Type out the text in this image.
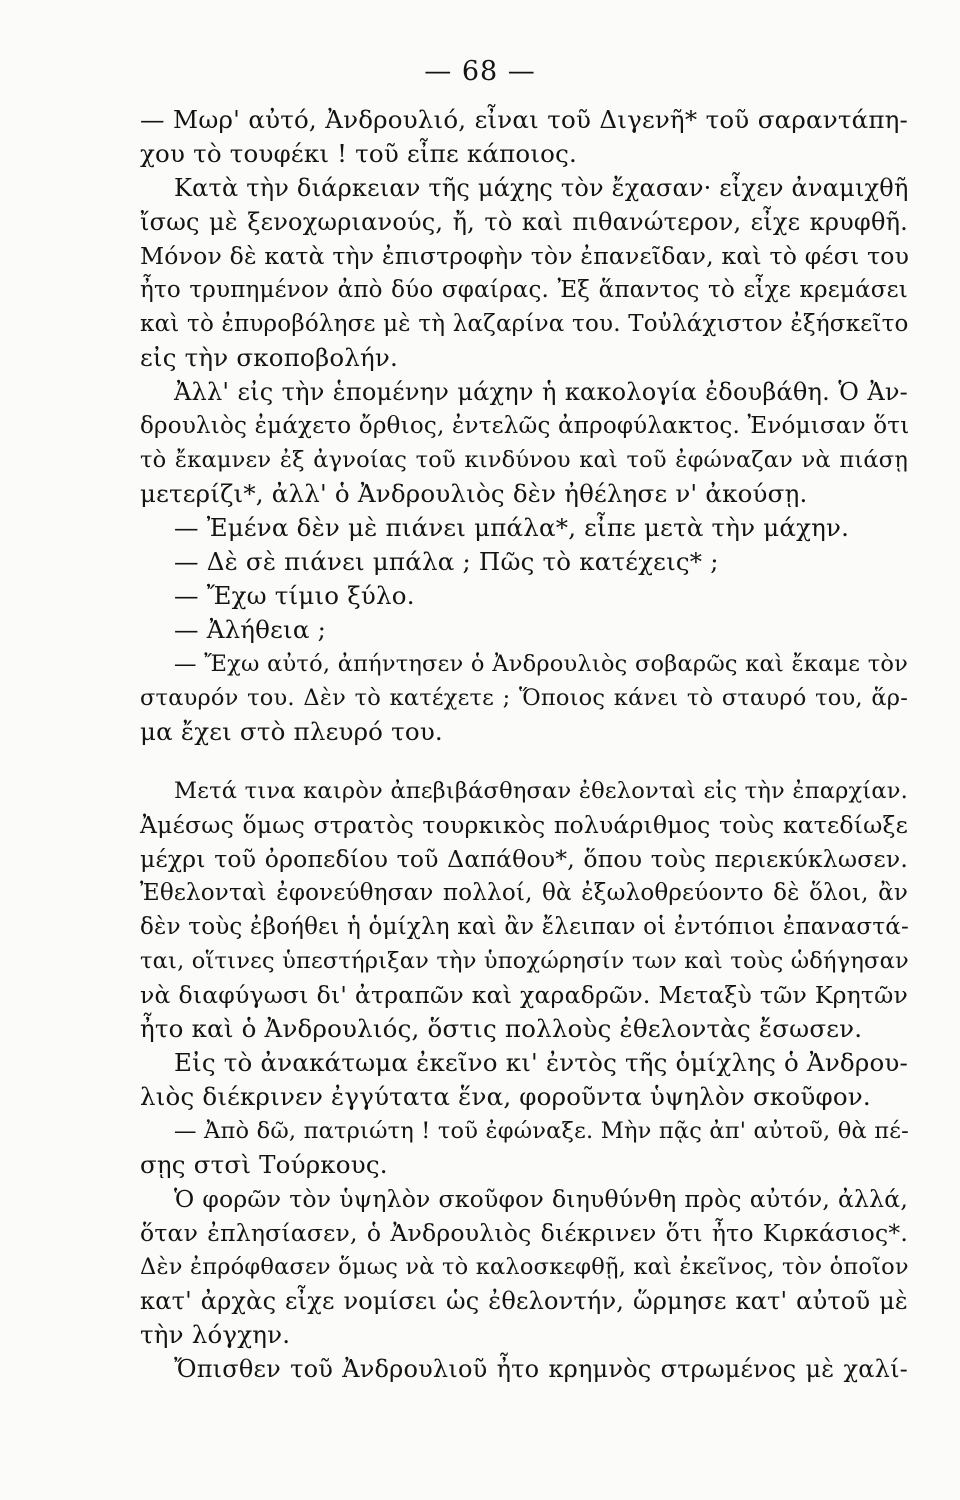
— 68 —
— Μωρ' αὐτό, Ἀνδρουλιό, εἶναι τοῦ Διγενῆ* τοῦ σαραντάπη-
χου τὸ τουφέκι ! τοῦ εἶπε κάποιος.
Κατὰ τὴν διάρκειαν τῆς μάχης τὸν ἔχασαν· εἶχεν ἀναμιχθῆ
ἴσως μὲ ξενοχωριανούς, ἤ, τὸ καὶ πιθανώτερον, εἶχε κρυφθῆ.
Μόνον δὲ κατὰ τὴν ἐπιστροφὴν τὸν ἐπανεῖδαν, καὶ τὸ φέσι του
ἦτο τρυπημένον ἀπὸ δύο σφαίρας. Ἐξ ἅπαντος τὸ εἶχε κρεμάσει
καὶ τὸ ἐπυροβόλησε μὲ τὴ λαζαρίνα του. Τοὐλάχιστον ἐξήσκεῖτο
εἰς τὴν σκοποβολήν.
Ἀλλ' εἰς τὴν ἑπομένην μάχην ἡ κακολογία ἐδουβάθη. Ὁ Ἀν-
δρουλιὸς ἐμάχετο ὄρθιος, ἐντελῶς ἀπροφύλακτος. Ἐνόμισαν ὅτι
τὸ ἔκαμνεν ἐξ ἀγνοίας τοῦ κινδύνου καὶ τοῦ ἐφώναζαν νὰ πιάσῃ
μετερίζι*, ἀλλ' ὁ Ἀνδρουλιὸς δὲν ἠθέλησε ν' ἀκούσῃ.
— Ἐμένα δὲν μὲ πιάνει μπάλα*, εἶπε μετὰ τὴν μάχην.
— Δὲ σὲ πιάνει μπάλα ; Πῶς τὸ κατέχεις* ;
— Ἔχω τίμιο ξύλο.
— Ἀλήθεια ;
— Ἔχω αὐτό, ἀπήντησεν ὁ Ἀνδρουλιὸς σοβαρῶς καὶ ἔκαμε τὸν
σταυρόν του. Δὲν τὸ κατέχετε ; Ὅποιος κάνει τὸ σταυρό του, ἅρ-
μα ἔχει στὸ πλευρό του.
Μετά τινα καιρὸν ἀπεβιβάσθησαν ἐθελονταὶ εἰς τὴν ἐπαρχίαν.
Ἀμέσως ὅμως στρατὸς τουρκικὸς πολυάριθμος τοὺς κατεδίωξε
μέχρι τοῦ ὀροπεδίου τοῦ Δαπάθου*, ὅπου τοὺς περιεκύκλωσεν.
Ἐθελονταὶ ἐφονεύθησαν πολλοί, θὰ ἐξωλοθρεύοντο δὲ ὅλοι, ἂν
δὲν τοὺς ἐβοήθει ἡ ὁμίχλη καὶ ἂν ἔλειπαν οἱ ἐντόπιοι ἐπαναστά-
ται, οἵτινες ὑπεστήριξαν τὴν ὑποχώρησίν των καὶ τοὺς ὡδήγησαν
νὰ διαφύγωσι δι' ἀτραπῶν καὶ χαραδρῶν. Μεταξὺ τῶν Κρητῶν
ἦτο καὶ ὁ Ἀνδρουλιός, ὅστις πολλοὺς ἐθελοντὰς ἔσωσεν.
Εἰς τὸ ἀνακάτωμα ἐκεῖνο κι' ἐντὸς τῆς ὁμίχλης ὁ Ἀνδρου-
λιὸς διέκρινεν ἐγγύτατα ἕνα, φοροῦντα ὑψηλὸν σκοῦφον.
— Ἀπὸ δῶ, πατριώτη ! τοῦ ἐφώναξε. Μὴν πᾷς ἀπ' αὐτοῦ, θὰ πέ-
σῃς στσὶ Τούρκους.
Ὁ φορῶν τὸν ὑψηλὸν σκοῦφον διηυθύνθη πρὸς αὐτόν, ἀλλά,
ὅταν ἐπλησίασεν, ὁ Ἀνδρουλιὸς διέκρινεν ὅτι ἦτο Κιρκάσιος*.
Δὲν ἐπρόφθασεν ὅμως νὰ τὸ καλοσκεφθῇ, καὶ ἐκεῖνος, τὸν ὁποῖον
κατ' ἀρχὰς εἶχε νομίσει ὡς ἐθελοντήν, ὥρμησε κατ' αὐτοῦ μὲ
τὴν λόγχην.
Ὄπισθεν τοῦ Ἀνδρουλιοῦ ἦτο κρημνὸς στρωμένος μὲ χαλί-
